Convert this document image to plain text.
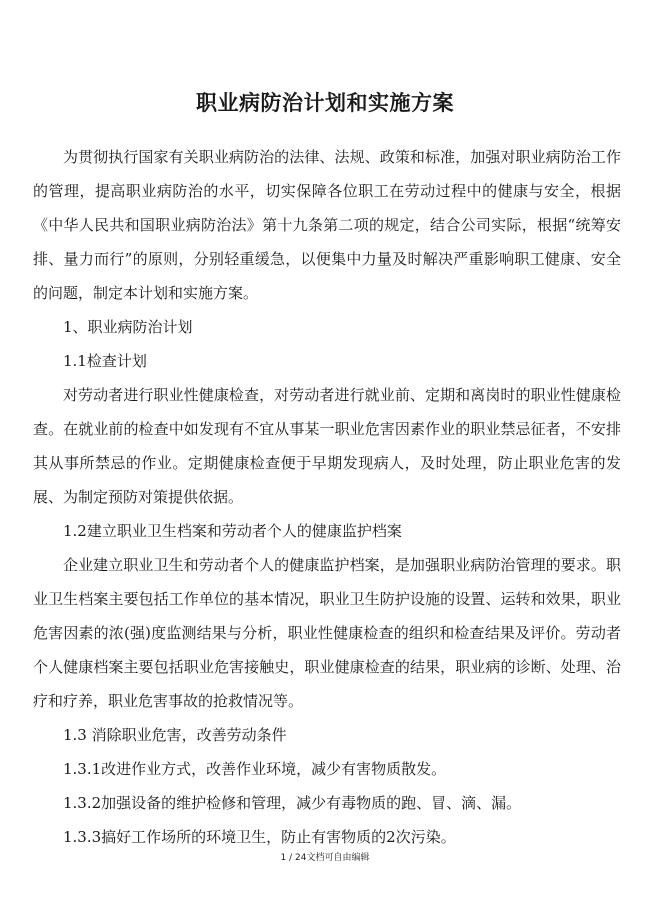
职业病防治计划和实施方案

为贯彻执行国家有关职业病防治的法律、法规、政策和标准，加强对职业病防治工作的管理，提高职业病防治的水平，切实保障各位职工在劳动过程中的健康与安全，根据《中华人民共和国职业病防治法》第十九条第二项的规定，结合公司实际，根据“统筹安排、量力而行”的原则，分别轻重缓急，以便集中力量及时解决严重影响职工健康、安全的问题，制定本计划和实施方案。

1、职业病防治计划

1.1检查计划

对劳动者进行职业性健康检查，对劳动者进行就业前、定期和离岗时的职业性健康检查。在就业前的检查中如发现有不宜从事某一职业危害因素作业的职业禁忌征者，不安排其从事所禁忌的作业。定期健康检查便于早期发现病人，及时处理，防止职业危害的发展、为制定预防对策提供依据。

1.2建立职业卫生档案和劳动者个人的健康监护档案

企业建立职业卫生和劳动者个人的健康监护档案，是加强职业病防治管理的要求。职业卫生档案主要包括工作单位的基本情况，职业卫生防护设施的设置、运转和效果，职业危害因素的浓(强)度监测结果与分析，职业性健康检查的组织和检查结果及评价。劳动者个人健康档案主要包括职业危害接触史，职业健康检查的结果，职业病的诊断、处理、治疗和疗养，职业危害事故的抢救情况等。

1.3 消除职业危害，改善劳动条件

1.3.1改进作业方式，改善作业环境，减少有害物质散发。

1.3.2加强设备的维护检修和管理，减少有毒物质的跑、冒、滴、漏。

1.3.3搞好工作场所的环境卫生，防止有害物质的2次污染。

1 / 24文档可自由编辑
